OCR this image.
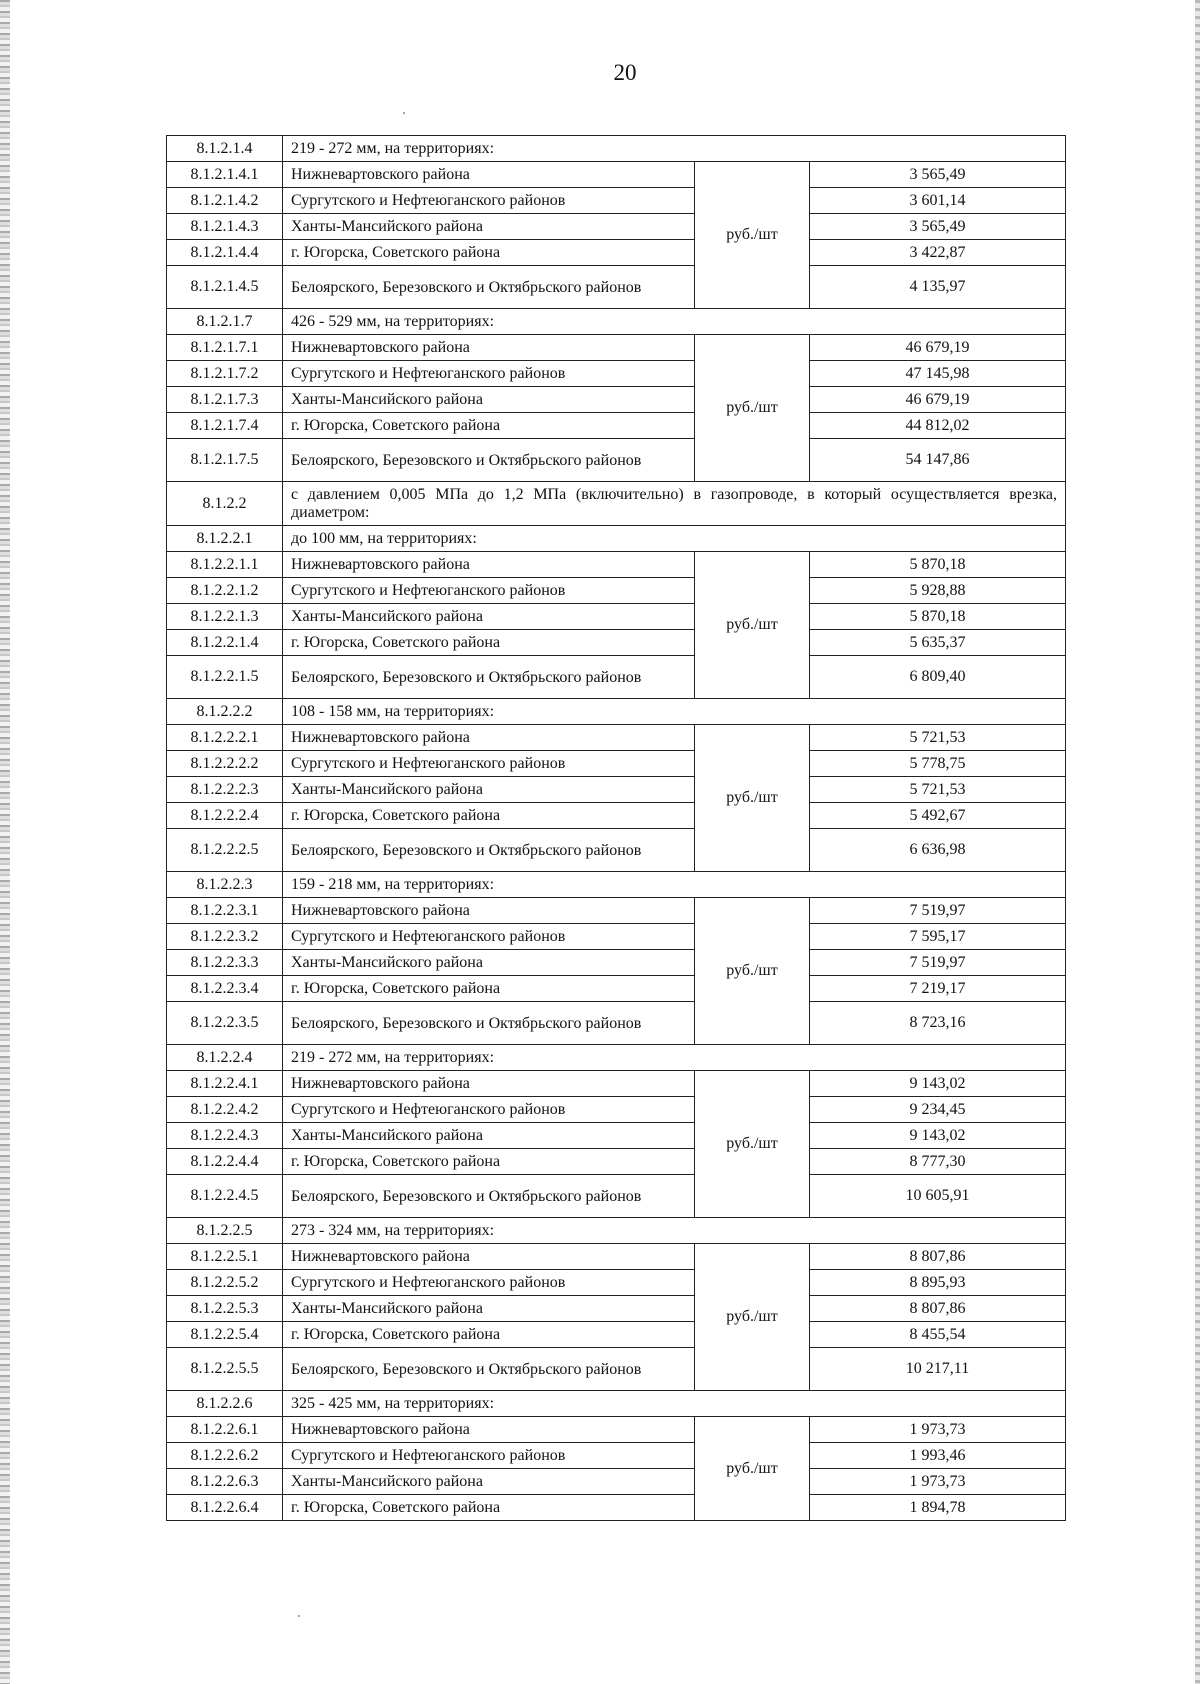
20
8.1.2.1.4	219 - 272 мм, на территориях:		
8.1.2.1.4.1	Нижневартовского района	руб./шт	3 565,49
8.1.2.1.4.2	Сургутского и Нефтеюганского районов		3 601,14
8.1.2.1.4.3	Ханты-Мансийского района		3 565,49
8.1.2.1.4.4	г. Югорска, Советского района		3 422,87
8.1.2.1.4.5	Белоярского, Березовского и Октябрьского районов		4 135,97
8.1.2.1.7	426 - 529 мм, на территориях:		
8.1.2.1.7.1	Нижневартовского района	руб./шт	46 679,19
8.1.2.1.7.2	Сургутского и Нефтеюганского районов		47 145,98
8.1.2.1.7.3	Ханты-Мансийского района		46 679,19
8.1.2.1.7.4	г. Югорска, Советского района		44 812,02
8.1.2.1.7.5	Белоярского, Березовского и Октябрьского районов		54 147,86
8.1.2.2	с давлением 0,005 МПа до 1,2 МПа (включительно) в газопроводе, в который осуществляется врезка, диаметром:		
8.1.2.2.1	до 100 мм, на территориях:		
8.1.2.2.1.1	Нижневартовского района	руб./шт	5 870,18
8.1.2.2.1.2	Сургутского и Нефтеюганского районов		5 928,88
8.1.2.2.1.3	Ханты-Мансийского района		5 870,18
8.1.2.2.1.4	г. Югорска, Советского района		5 635,37
8.1.2.2.1.5	Белоярского, Березовского и Октябрьского районов		6 809,40
8.1.2.2.2	108 - 158 мм, на территориях:		
8.1.2.2.2.1	Нижневартовского района	руб./шт	5 721,53
8.1.2.2.2.2	Сургутского и Нефтеюганского районов		5 778,75
8.1.2.2.2.3	Ханты-Мансийского района		5 721,53
8.1.2.2.2.4	г. Югорска, Советского района		5 492,67
8.1.2.2.2.5	Белоярского, Березовского и Октябрьского районов		6 636,98
8.1.2.2.3	159 - 218 мм, на территориях:		
8.1.2.2.3.1	Нижневартовского района	руб./шт	7 519,97
8.1.2.2.3.2	Сургутского и Нефтеюганского районов		7 595,17
8.1.2.2.3.3	Ханты-Мансийского района		7 519,97
8.1.2.2.3.4	г. Югорска, Советского района		7 219,17
8.1.2.2.3.5	Белоярского, Березовского и Октябрьского районов		8 723,16
8.1.2.2.4	219 - 272 мм, на территориях:		
8.1.2.2.4.1	Нижневартовского района	руб./шт	9 143,02
8.1.2.2.4.2	Сургутского и Нефтеюганского районов		9 234,45
8.1.2.2.4.3	Ханты-Мансийского района		9 143,02
8.1.2.2.4.4	г. Югорска, Советского района		8 777,30
8.1.2.2.4.5	Белоярского, Березовского и Октябрьского районов		10 605,91
8.1.2.2.5	273 - 324 мм, на территориях:		
8.1.2.2.5.1	Нижневартовского района	руб./шт	8 807,86
8.1.2.2.5.2	Сургутского и Нефтеюганского районов		8 895,93
8.1.2.2.5.3	Ханты-Мансийского района		8 807,86
8.1.2.2.5.4	г. Югорска, Советского района		8 455,54
8.1.2.2.5.5	Белоярского, Березовского и Октябрьского районов		10 217,11
8.1.2.2.6	325 - 425 мм, на территориях:		
8.1.2.2.6.1	Нижневартовского района	руб./шт	1 973,73
8.1.2.2.6.2	Сургутского и Нефтеюганского районов		1 993,46
8.1.2.2.6.3	Ханты-Мансийского района		1 973,73
8.1.2.2.6.4	г. Югорска, Советского района		1 894,78
